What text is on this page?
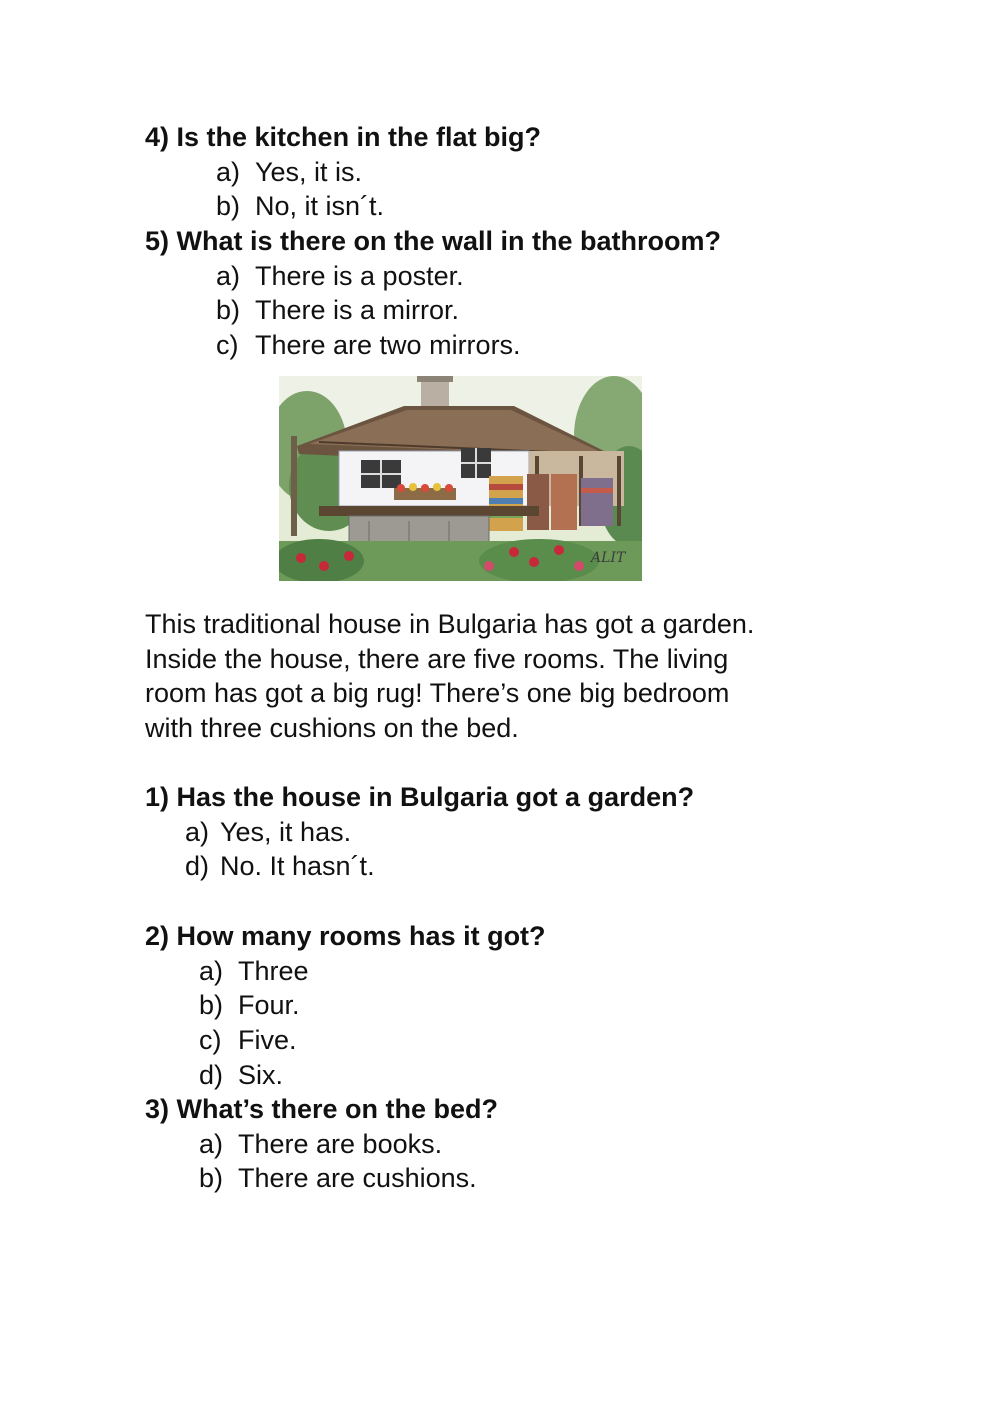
4) Is the kitchen in the flat big?
a) Yes, it is.
b) No, it isn´t.
5) What is there on the wall in the bathroom?
a) There is a poster.
b) There is a mirror.
c) There are two mirrors.
ALIT
This traditional house in Bulgaria has got a garden.
Inside the house, there are five rooms. The living
room has got a big rug! There’s one big bedroom
with three cushions on the bed.
1) Has the house in Bulgaria got a garden?
a) Yes, it has.
d) No. It hasn´t.
2) How many rooms has it got?
a) Three
b) Four.
c) Five.
d) Six.
3) What’s there on the bed?
a) There are books.
b) There are cushions.
